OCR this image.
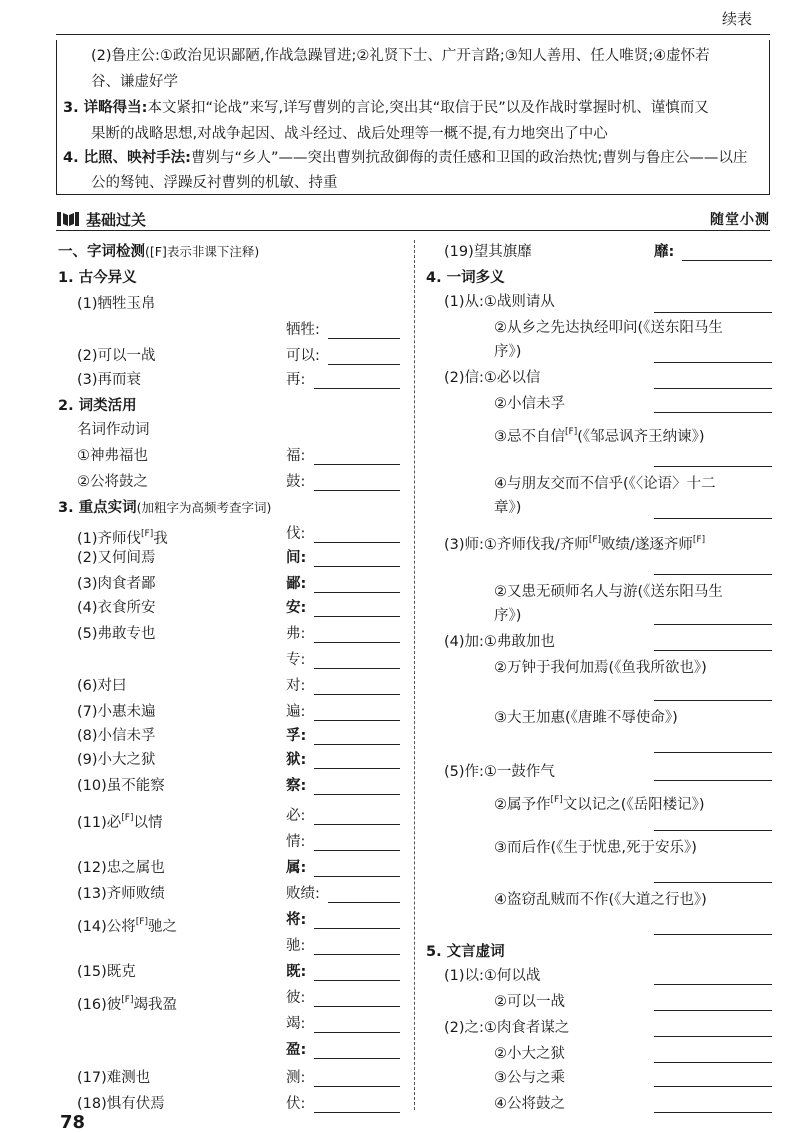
续表

(2)鲁庄公:①政治见识鄙陋,作战急躁冒进;②礼贤下士、广开言路;③知人善用、任人唯贤;④虚怀若

谷、谦虚好学

3. 详略得当:本文紧扣“论战”来写,详写曹刿的言论,突出其“取信于民”以及作战时掌握时机、谨慎而又

果断的战略思想,对战争起因、战斗经过、战后处理等一概不提,有力地突出了中心

4. 比照、映衬手法:曹刿与“乡人”——突出曹刿抗敌御侮的责任感和卫国的政治热忱;曹刿与鲁庄公——以庄

公的驽钝、浮躁反衬曹刿的机敏、持重

基础过关	随堂小测
一、字词检测([F]表示非课下注释)
1. 古今异义
(1)牺牲玉帛
牺牲:
(2)可以一战	可以:
(3)再而衰	再:
2. 词类活用
名词作动词
①神弗福也	福:
②公将鼓之	鼓:
3. 重点实词(加粗字为高频考查字词)
(1)齐师伐[F]我	伐:
(2)又何间焉	间:
(3)肉食者鄙	鄙:
(4)衣食所安	安:
(5)弗敢专也	弗:
专:
(6)对曰	对:
(7)小惠未遍	遍:
(8)小信未孚	孚:
(9)小大之狱	狱:
(10)虽不能察	察:
(11)必[F]以情	必:
情:
(12)忠之属也	属:
(13)齐师败绩	败绩:
(14)公将[F]驰之	将:
驰:
(15)既克	既:
(16)彼[F]竭我盈	彼:
竭:
盈:
(17)难测也	测:
(18)惧有伏焉	伏:
(19)望其旗靡	靡:
4. 一词多义
(1)从:①战则请从
②从乡之先达执经叩问(《送东阳马生
序》)
(2)信:①必以信
②小信未孚
③忌不自信[F](《邹忌讽齐王纳谏》)
④与朋友交而不信乎(《〈论语〉十二
章》)
(3)师:①齐师伐我/齐师[F]败绩/遂逐齐师[F]
②又患无硕师名人与游(《送东阳马生
序》)
(4)加:①弗敢加也
②万钟于我何加焉(《鱼我所欲也》)
③大王加惠(《唐雎不辱使命》)
(5)作:①一鼓作气
②属予作[F]文以记之(《岳阳楼记》)
③而后作(《生于忧患,死于安乐》)
④盗窃乱贼而不作(《大道之行也》)
5. 文言虚词
(1)以:①何以战
②可以一战
(2)之:①肉食者谋之
②小大之狱
③公与之乘
④公将鼓之
78
